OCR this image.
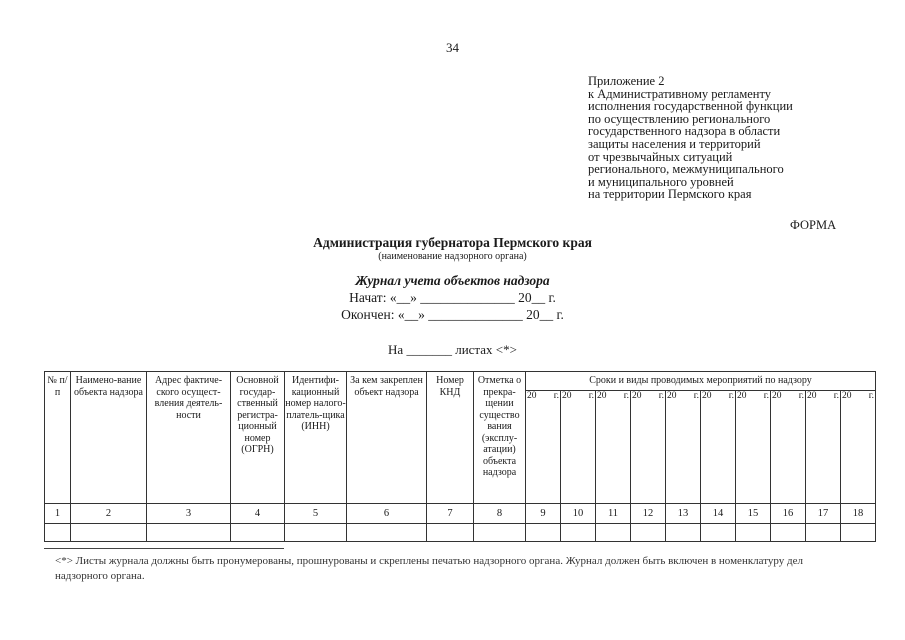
34
Приложение 2
к Административному регламенту
исполнения государственной функции
по осуществлению регионального
государственного надзора в области
защиты населения и территорий
от чрезвычайных ситуаций
регионального, межмуниципального
и муниципального уровней
на территории Пермского края
ФОРМА
Администрация губернатора Пермского края
(наименование надзорного органа)
Журнал учета объектов надзора
Начат: «__» ______________ 20__ г.
Окончен: «__» ______________ 20__ г.
На _______ листах <*>
№ п/п	Наимено-вание объекта надзора	Адрес фактиче-ского осущест-вления деятель-ности	Основной государ-ственный регистра-ционный номер (ОГРН)	Идентифи-кационный номер налого-платель-щика (ИНН)	За кем закреплен объект надзора	Номер КНД	Отметка о прекра-щении существо вания (эксплу-атации) объекта надзора	Сроки и виды проводимых мероприятий по надзору									
								20 г.	20 г.	20 г.	20 г.	20 г.	20 г.	20 г.	20 г.	20 г.	20 г.

1	2	3	4	5	6	7	8	9	10	11	12	13	14	15	16	17	18

<*> Листы журнала должны быть пронумерованы, прошнурованы и скреплены печатью надзорного органа. Журнал должен быть включен в номенклатуру дел надзорного органа.
